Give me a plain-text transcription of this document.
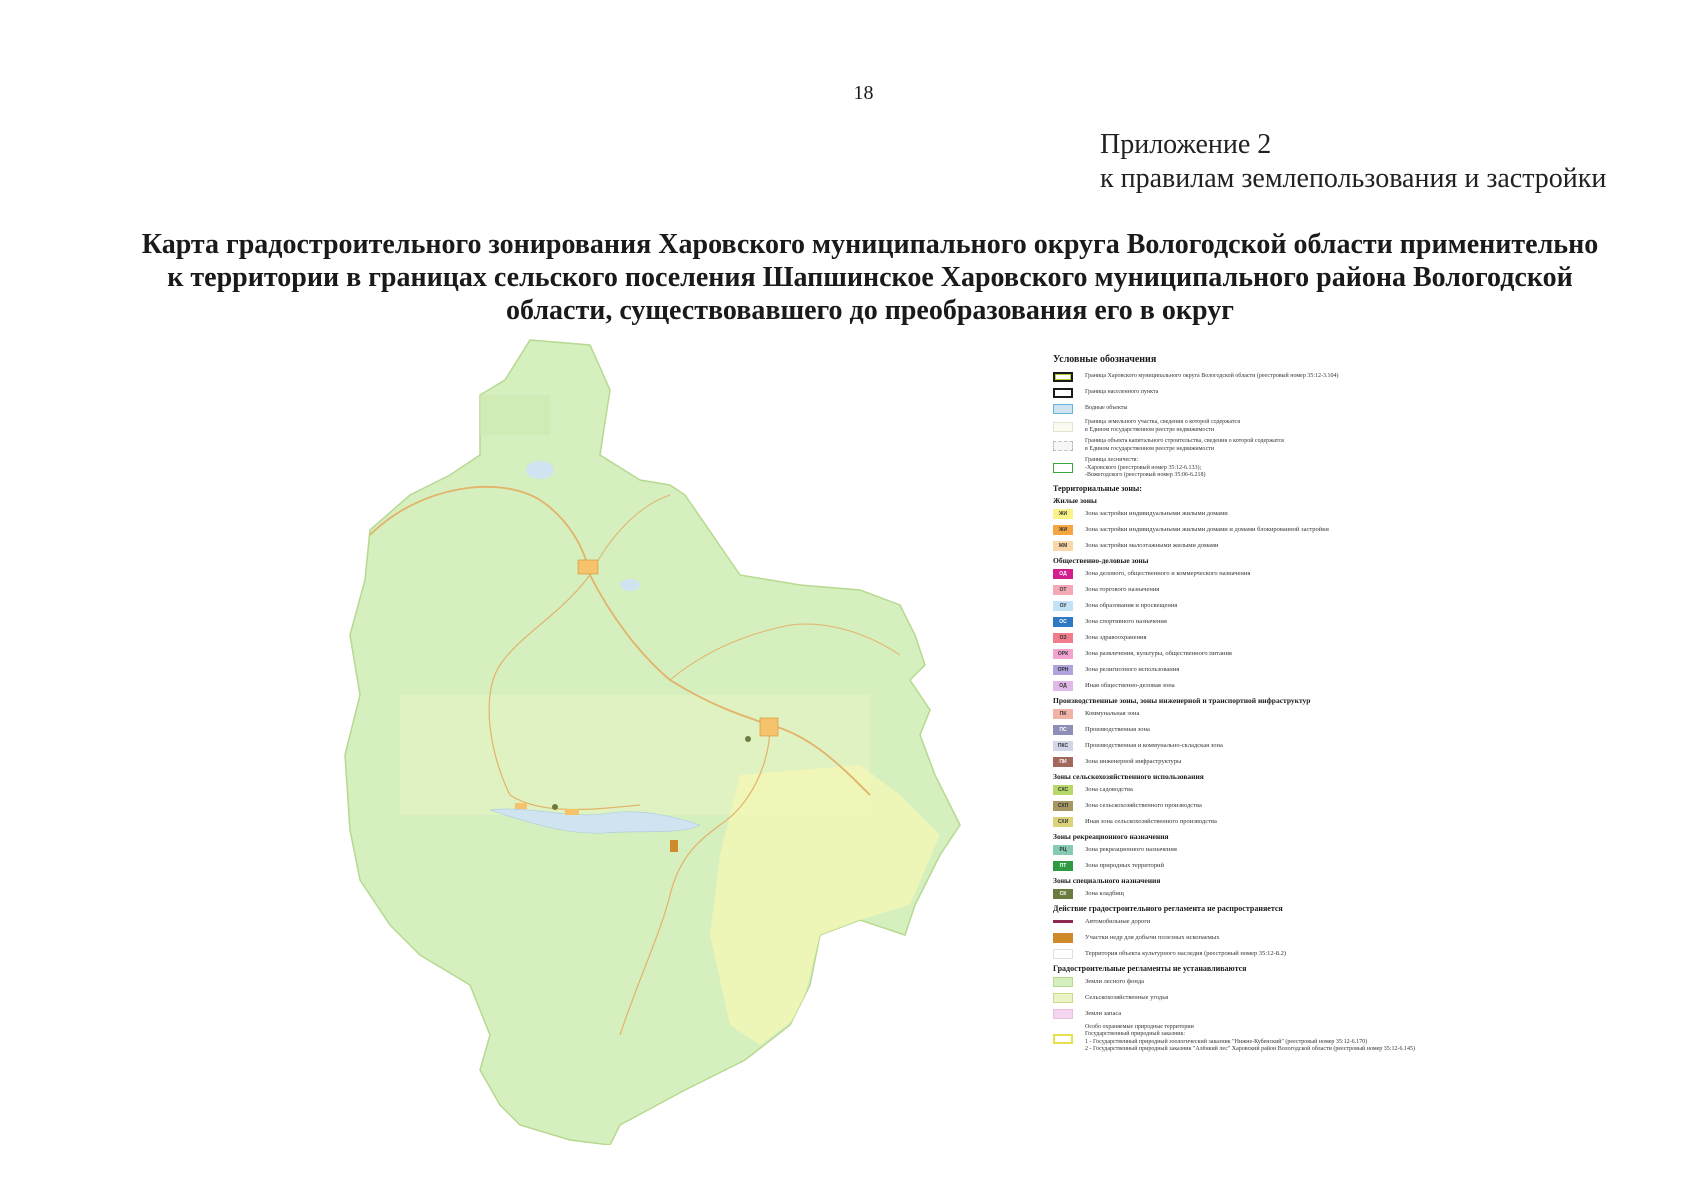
18
Приложение 2
к правилам землепользования и застройки
Карта градостроительного зонирования Харовского муниципального округа Вологодской области применительно
к территории в границах сельского поселения Шапшинское Харовского муниципального района Вологодской
области, существовавшего до преобразования его в округ
Условные обозначения
Граница Харовского муниципального округа Вологодской области (реестровый номер 35:12-3.104)
Граница населенного пункта
Водные объекты
Граница земельного участка, сведения о которой содержатся
в Едином государственном реестре недвижимости
Граница объекта капитального строительства, сведения о которой содержатся
в Едином государственном реестре недвижимости
Граница лесничеств:
-Харовского (реестровый номер 35:12-6.133);
-Вожегодского (реестровый номер 35:06-6.218)
Территориальные зоны:
Жилые зоны
ЖИ	Зона застройки индивидуальными жилыми домами
ЖИ	Зона застройки индивидуальными жилыми домами и домами блокированной застройки
ЖМ	Зона застройки малоэтажными жилыми домами
Общественно-деловые зоны
ОД	Зона делового, общественного и коммерческого назначения
ОТ	Зона торгового назначения
ОУ	Зона образования и просвещения
ОС	Зона спортивного назначения
ОЗ	Зона здравоохранения
ОРК	Зона развлечения, культуры, общественного питания
ОРН	Зона религиозного использования
ОД	Иная общественно-деловая зона
Производственные зоны, зоны инженерной и транспортной инфраструктур
ПК	Коммунальная зона
ПС	Производственная зона
ПКС	Производственная и коммунально-складская зона
ПИ	Зона инженерной инфраструктуры
Зоны сельскохозяйственного использования
СХС	Зона садоводства
СХП	Зона сельскохозяйственного производства
СХИ	Иная зона сельскохозяйственного производства
Зоны рекреационного назначения
РЦ	Зона рекреационного назначения
ПТ	Зона природных территорий
Зоны специального назначения
СК	Зона кладбищ
Действие градостроительного регламента не распространяется
Автомобильные дороги
Участки недр для добычи полезных ископаемых
Территория объекта культурного наследия (реестровый номер 35:12-8.2)
Градостроительные регламенты не устанавливаются
Земли лесного фонда
Сельскохозяйственные угодья
Земли запаса
Особо охраняемые природные территории
Государственный природный заказник:
1 - Государственный природный зоологический заказник "Нижне-Кубенский" (реестровый номер 35:12-6.170)
2 - Государственный природный заказник "Алёнкий лес" Харовский район Вологодской области (реестровый номер 35:12-6.145)
